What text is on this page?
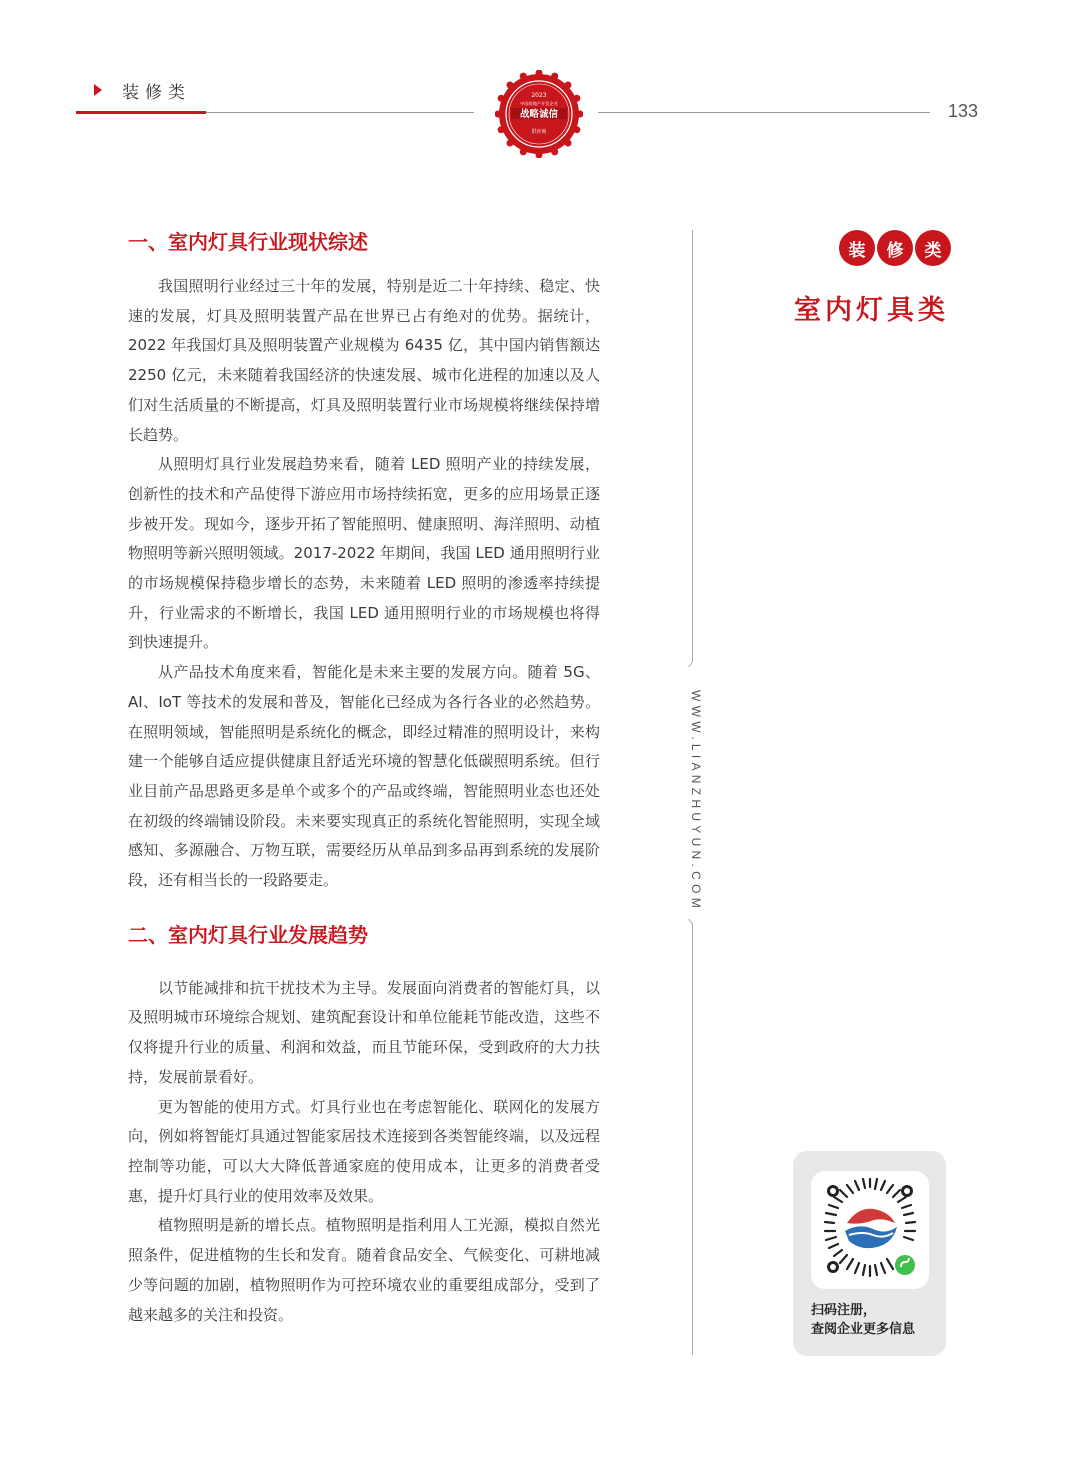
装修类
133
2023
中国房地产开发企业
战略诚信
供应商
一、室内灯具行业现状综述

我国照明行业经过三十年的发展，特别是近二十年持续、稳定、快速的发展，灯具及照明装置产品在世界已占有绝对的优势。据统计，2022 年我国灯具及照明装置产业规模为 6435 亿，其中国内销售额达 2250 亿元，未来随着我国经济的快速发展、城市化进程的加速以及人们对生活质量的不断提高，灯具及照明装置行业市场规模将继续保持增长趋势。

从照明灯具行业发展趋势来看，随着 LED 照明产业的持续发展，创新性的技术和产品使得下游应用市场持续拓宽，更多的应用场景正逐步被开发。现如今，逐步开拓了智能照明、健康照明、海洋照明、动植物照明等新兴照明领域。2017-2022 年期间，我国 LED 通用照明行业的市场规模保持稳步增长的态势，未来随着 LED 照明的渗透率持续提升，行业需求的不断增长，我国 LED 通用照明行业的市场规模也将得到快速提升。

从产品技术角度来看，智能化是未来主要的发展方向。随着 5G、AI、IoT 等技术的发展和普及，智能化已经成为各行各业的必然趋势。在照明领域，智能照明是系统化的概念，即经过精准的照明设计，来构建一个能够自适应提供健康且舒适光环境的智慧化低碳照明系统。但行业目前产品思路更多是单个或多个的产品或终端，智能照明业态也还处在初级的终端铺设阶段。未来要实现真正的系统化智能照明，实现全域感知、多源融合、万物互联，需要经历从单品到多品再到系统的发展阶段，还有相当长的一段路要走。

二、室内灯具行业发展趋势

以节能减排和抗干扰技术为主导。发展面向消费者的智能灯具，以及照明城市环境综合规划、建筑配套设计和单位能耗节能改造，这些不仅将提升行业的质量、利润和效益，而且节能环保，受到政府的大力扶持，发展前景看好。

更为智能的使用方式。灯具行业也在考虑智能化、联网化的发展方向，例如将智能灯具通过智能家居技术连接到各类智能终端，以及远程控制等功能，可以大大降低普通家庭的使用成本，让更多的消费者受惠，提升灯具行业的使用效率及效果。

植物照明是新的增长点。植物照明是指利用人工光源，模拟自然光照条件，促进植物的生长和发育。随着食品安全、气候变化、可耕地减少等问题的加剧，植物照明作为可控环境农业的重要组成部分，受到了越来越多的关注和投资。

WWW.LIANZHUYUN.COM
装	修	类
室内灯具类
扫码注册，
查阅企业更多信息
